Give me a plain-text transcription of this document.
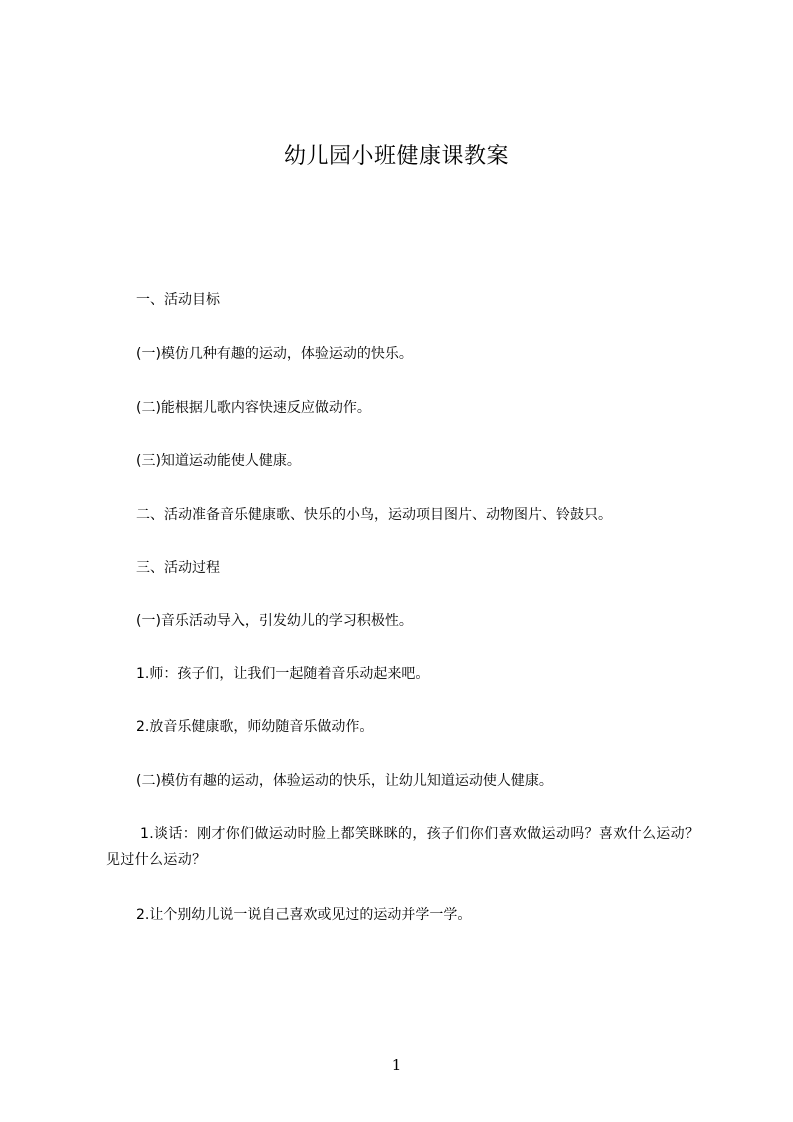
幼儿园小班健康课教案
一、活动目标
(一)模仿几种有趣的运动，体验运动的快乐。
(二)能根据儿歌内容快速反应做动作。
(三)知道运动能使人健康。
二、活动准备音乐健康歌、快乐的小鸟，运动项目图片、动物图片、铃鼓只。
三、活动过程
(一)音乐活动导入，引发幼儿的学习积极性。
1.师：孩子们，让我们一起随着音乐动起来吧。
2.放音乐健康歌，师幼随音乐做动作。
(二)模仿有趣的运动，体验运动的快乐，让幼儿知道运动使人健康。
1.谈话：刚才你们做运动时脸上都笑眯眯的，孩子们你们喜欢做运动吗？喜欢什么运动？见过什么运动？
2.让个别幼儿说一说自己喜欢或见过的运动并学一学。
1
